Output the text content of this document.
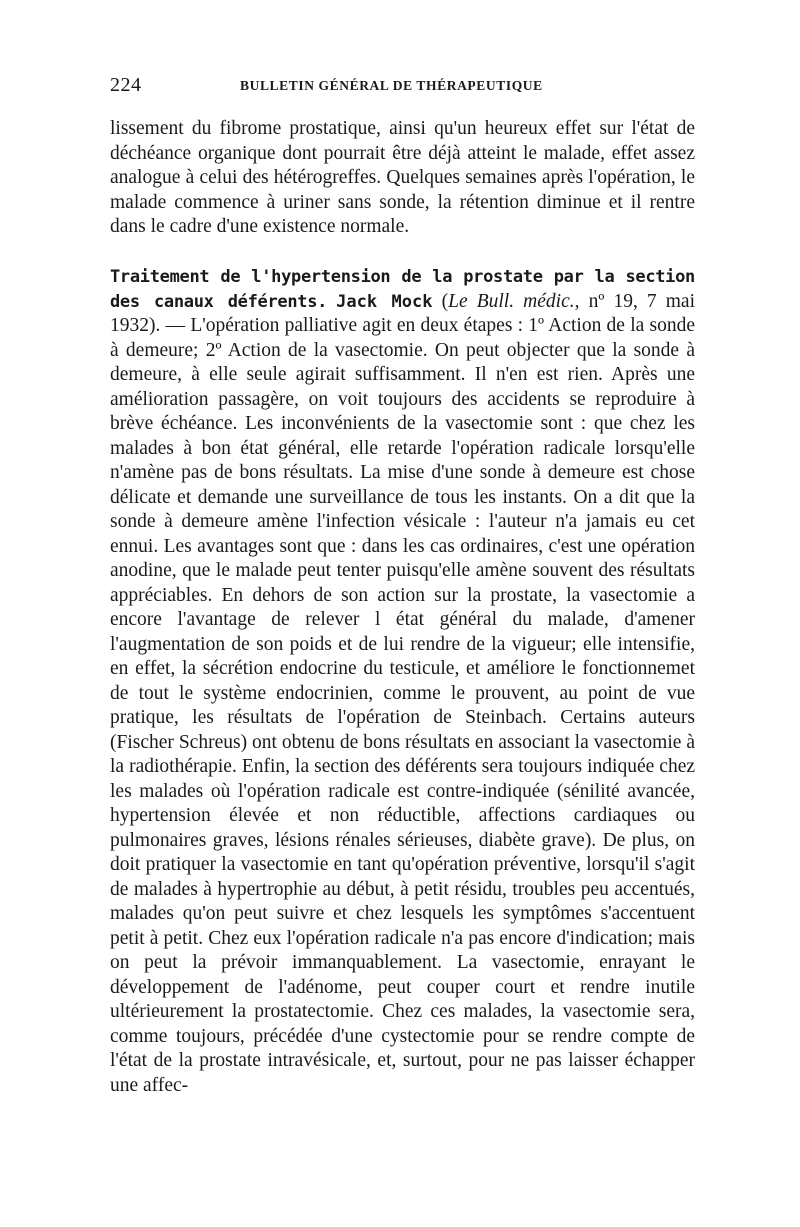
224	BULLETIN GÉNÉRAL DE THÉRAPEUTIQUE

lissement du fibrome prostatique, ainsi qu'un heureux effet sur l'état de déchéance organique dont pourrait être déjà atteint le malade, effet assez analogue à celui des hétérogreffes. Quelques semaines après l'opération, le malade commence à uriner sans sonde, la rétention diminue et il rentre dans le cadre d'une existence normale.

Traitement de l'hypertension de la prostate par la section des canaux déférents. Jack Mock (Le Bull. médic., nº 19, 7 mai 1932). — L'opération palliative agit en deux étapes : 1º Action de la sonde à demeure; 2º Action de la vasectomie. On peut objecter que la sonde à demeure, à elle seule agirait suffisamment. Il n'en est rien. Après une amélioration passagère, on voit toujours des accidents se reproduire à brève échéance. Les inconvénients de la vasectomie sont : que chez les malades à bon état général, elle retarde l'opération radicale lorsqu'elle n'amène pas de bons résultats. La mise d'une sonde à demeure est chose délicate et demande une surveillance de tous les instants. On a dit que la sonde à demeure amène l'infection vésicale : l'auteur n'a jamais eu cet ennui. Les avantages sont que : dans les cas ordinaires, c'est une opération anodine, que le malade peut tenter puisqu'elle amène souvent des résultats appréciables. En dehors de son action sur la prostate, la vasectomie a encore l'avantage de relever l état général du malade, d'amener l'augmentation de son poids et de lui rendre de la vigueur; elle intensifie, en effet, la sécrétion endocrine du testicule, et améliore le fonctionnemet de tout le système endocrinien, comme le prouvent, au point de vue pratique, les résultats de l'opération de Steinbach. Certains auteurs (Fischer Schreus) ont obtenu de bons résultats en associant la vasectomie à la radiothérapie. Enfin, la section des déférents sera toujours indiquée chez les malades où l'opération radicale est contre-indiquée (sénilité avancée, hypertension élevée et non réductible, affections cardiaques ou pulmonaires graves, lésions rénales sérieuses, diabète grave). De plus, on doit pratiquer la vasectomie en tant qu'opération préventive, lorsqu'il s'agit de malades à hypertrophie au début, à petit résidu, troubles peu accentués, malades qu'on peut suivre et chez lesquels les symptômes s'accentuent petit à petit. Chez eux l'opération radicale n'a pas encore d'indication; mais on peut la prévoir immanquablement. La vasectomie, enrayant le développement de l'adénome, peut couper court et rendre inutile ultérieurement la prostatectomie. Chez ces malades, la vasectomie sera, comme toujours, précédée d'une cystectomie pour se rendre compte de l'état de la prostate intravésicale, et, surtout, pour ne pas laisser échapper une affec-
